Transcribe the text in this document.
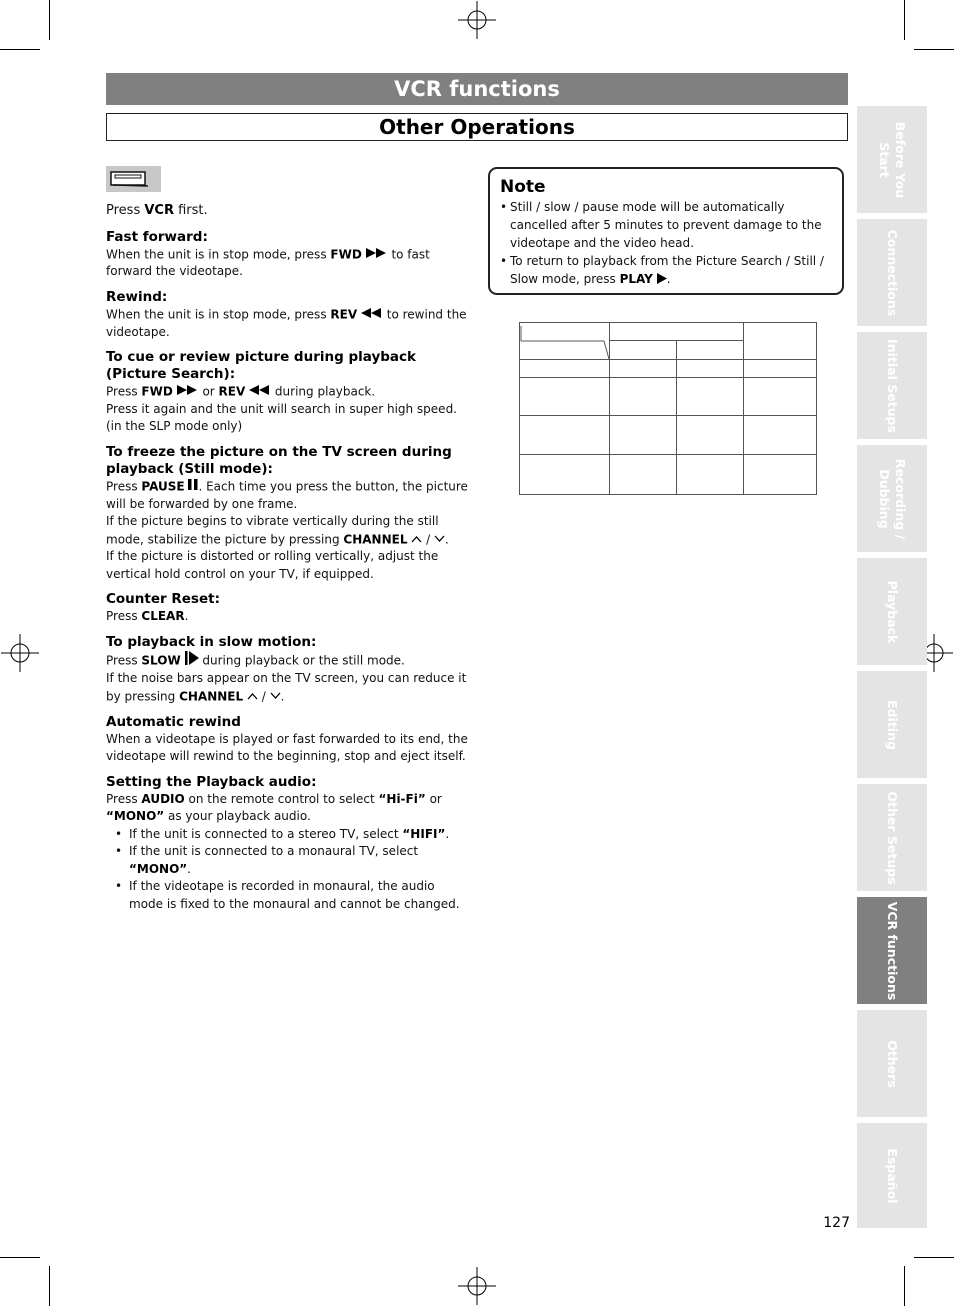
VCR functions
Other Operations	Before You
Start
Connections
Initial Setups
Recording /
Dubbing
Playback
Editing
Other Setups
VCR functions
Others
Español

Press VCR first.

Fast forward:

When the unit is in stop mode, press FWD  to fast forward the videotape.

Rewind:

When the unit is in stop mode, press REV  to rewind the videotape.

To cue or review picture during playback (Picture Search):

Press FWD  or REV  during playback.

Press it again and the unit will search in super high speed. (in the SLP mode only)

To freeze the picture on the TV screen during playback (Still mode):

Press PAUSE . Each time you press the button, the picture will be forwarded by one frame.

If the picture begins to vibrate vertically during the still mode, stabilize the picture by pressing CHANNEL  / .

If the picture is distorted or rolling vertically, adjust the vertical hold control on your TV, if equipped.

Counter Reset:

Press CLEAR.

To playback in slow motion:

Press SLOW  during playback or the still mode.

If the noise bars appear on the TV screen, you can reduce it by pressing CHANNEL  / .

Automatic rewind

When a videotape is played or fast forwarded to its end, the videotape will rewind to the beginning, stop and eject itself.

Setting the Playback audio:

Press AUDIO on the remote control to select “Hi-Fi” or “MONO” as your playback audio.

• If the unit is connected to a stereo TV, select “HIFI”.
• If the unit is connected to a monaural TV, select “MONO”.
• If the videotape is recorded in monaural, the audio mode is fixed to the monaural and cannot be changed.

Note

• Still / slow / pause mode will be automatically cancelled after 5 minutes to prevent damage to the videotape and the video head.
• To return to playback from the Picture Search / Still / Slow mode, press PLAY .
127
